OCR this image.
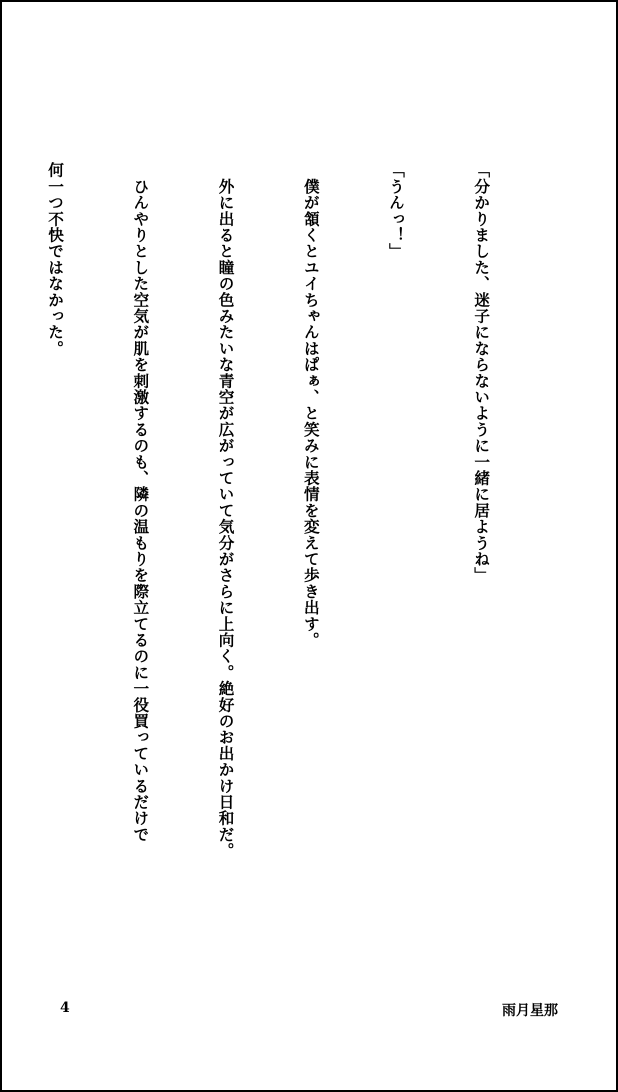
「分かりました、迷子にならないように一緒に居ようね」

「うんっ！」

　僕が頷くとユイちゃんはぱぁ、と笑みに表情を変えて歩き出す。

　外に出ると瞳の色みたいな青空が広がっていて気分がさらに上向く。絶好のお出かけ日和だ。

　ひんやりとした空気が肌を刺激するのも、隣の温もりを際立てるのに一役買っているだけで

何一つ不快ではなかった。

4	雨月星那
